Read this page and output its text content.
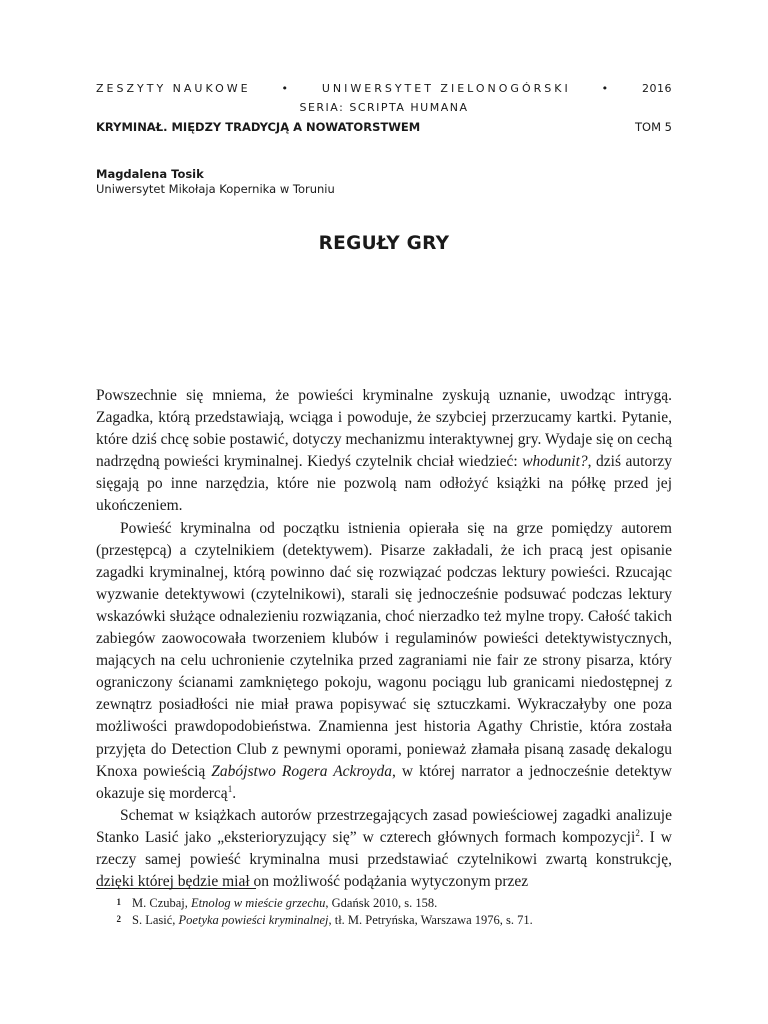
ZESZYTY NAUKOWE	•	UNIWERSYTET ZIELONOGÓRSKI	•	2016
SERIA: SCRIPTA HUMANA
KRYMINAŁ. MIĘDZY TRADYCJĄ A NOWATORSTWEM	TOM 5
Magdalena Tosik
Uniwersytet Mikołaja Kopernika w Toruniu
REGUŁY GRY

Powszechnie się mniema, że powieści kryminalne zyskują uznanie, uwodząc intrygą. Zagadka, którą przedstawiają, wciąga i powoduje, że szybciej przerzucamy kartki. Pytanie, które dziś chcę sobie postawić, dotyczy mechanizmu interaktywnej gry. Wydaje się on cechą nadrzędną powieści kryminalnej. Kiedyś czytelnik chciał wiedzieć: whodunit?, dziś autorzy sięgają po inne narzędzia, które nie pozwolą nam odłożyć książki na półkę przed jej ukończeniem.

Powieść kryminalna od początku istnienia opierała się na grze pomiędzy autorem (przestępcą) a czytelnikiem (detektywem). Pisarze zakładali, że ich pracą jest opisanie zagadki kryminalnej, którą powinno dać się rozwiązać podczas lektury powieści. Rzucając wyzwanie detektywowi (czytelnikowi), starali się jednocześnie podsuwać podczas lektury wskazówki służące odnalezieniu rozwiązania, choć nierzadko też mylne tropy. Całość takich zabiegów zaowocowała tworzeniem klubów i regulaminów powieści detektywistycznych, mających na celu uchronienie czytelnika przed zagraniami nie fair ze strony pisarza, który ograniczony ścianami zamkniętego pokoju, wagonu pociągu lub granicami niedostępnej z zewnątrz posiadłości nie miał prawa popisywać się sztuczkami. Wykraczałyby one poza możliwości prawdopodobieństwa. Znamienna jest historia Agathy Christie, która została przyjęta do Detection Club z pewnymi oporami, ponieważ złamała pisaną zasadę dekalogu Knoxa powieścią Zabójstwo Rogera Ackroyda, w której narrator a jednocześnie detektyw okazuje się mordercą$^1$.

Schemat w książkach autorów przestrzegających zasad powieściowej zagadki analizuje Stanko Lasić jako „eksterioryzujący się” w czterech głównych formach kompozycji$^2$. I w rzeczy samej powieść kryminalna musi przedstawiać czytelnikowi zwartą konstrukcję, dzięki której będzie miał on możliwość podążania wytyczonym przez

1 M. Czubaj, Etnolog w mieście grzechu, Gdańsk 2010, s. 158.
2 S. Lasić, Poetyka powieści kryminalnej, tł. M. Petryńska, Warszawa 1976, s. 71.
